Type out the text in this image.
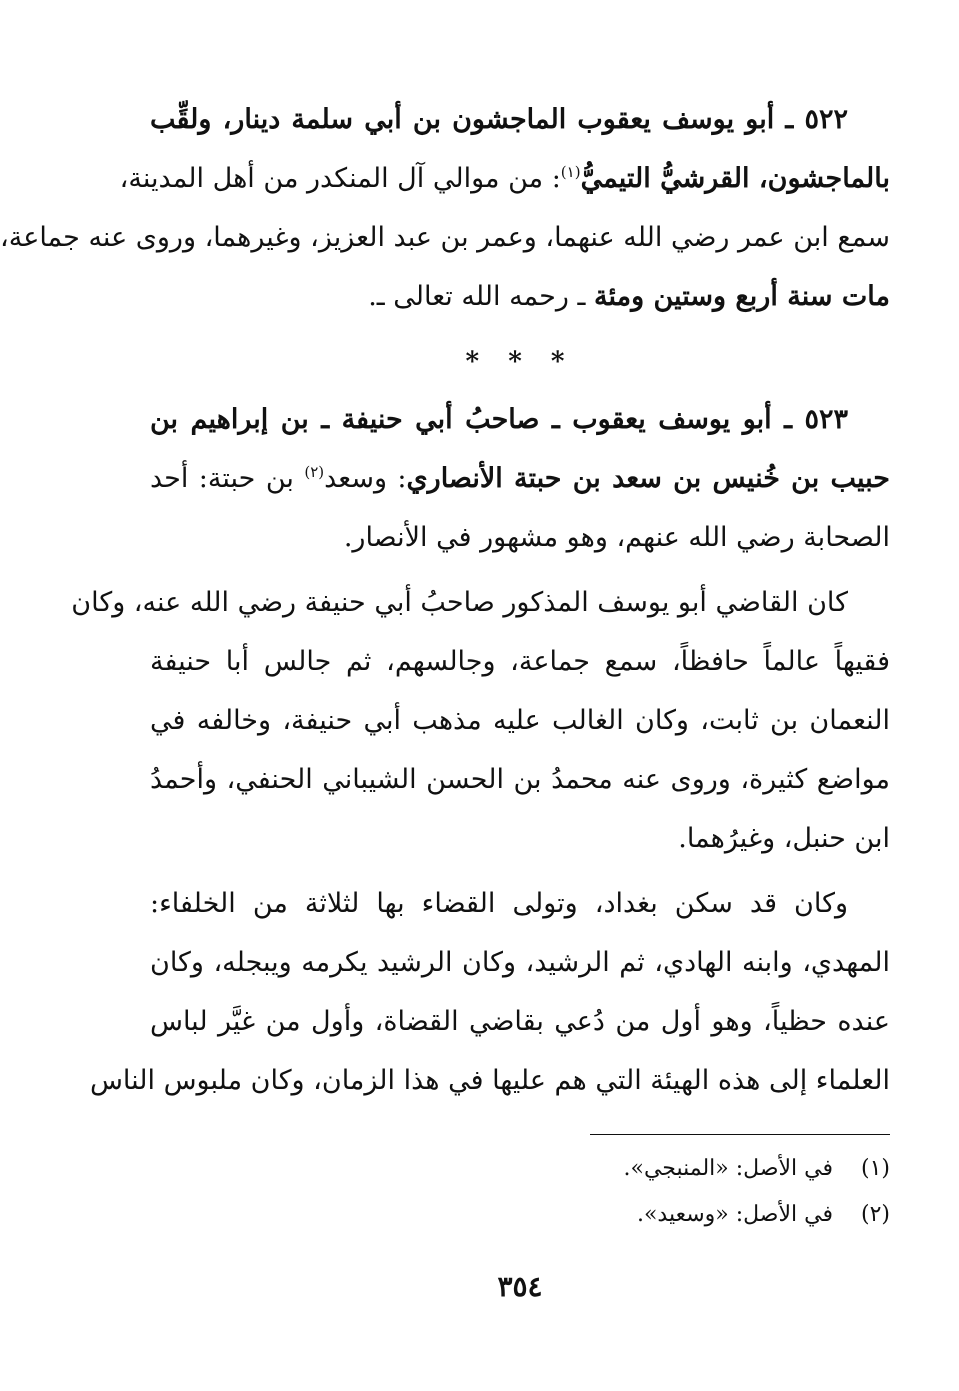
٥٢٢ ـ أبو يوسف يعقوب الماجشون بن أبي سلمة دينار، ولقِّب
بالماجشون، القرشيُّ التيميُّ$^{(١)}$: من موالي آل المنكدر من أهل المدينة،
سمع ابن عمر رضي الله عنهما، وعمر بن عبد العزيز، وغيرهما، وروى عنه جماعة،
مات سنة أربع وستين ومئة ـ رحمه الله تعالى ـ.
* * *
٥٢٣ ـ أبو يوسف يعقوب ـ صاحبُ أبي حنيفة ـ بن إبراهيم بن
حبيب بن خُنيس بن سعد بن حبتة الأنصاري: وسعد$^{(٢)}$ بن حبتة: أحد
الصحابة رضي الله عنهم، وهو مشهور في الأنصار.
كان القاضي أبو يوسف المذكور صاحبُ أبي حنيفة رضي الله عنه، وكان
فقيهاً عالماً حافظاً، سمع جماعة، وجالسهم، ثم جالس أبا حنيفة
النعمان بن ثابت، وكان الغالب عليه مذهب أبي حنيفة، وخالفه في
مواضع كثيرة، وروى عنه محمدُ بن الحسن الشيباني الحنفي، وأحمدُ
ابن حنبل، وغيرُهما.
وكان قد سكن بغداد، وتولى القضاء بها لثلاثة من الخلفاء:
المهدي، وابنه الهادي، ثم الرشيد، وكان الرشيد يكرمه ويبجله، وكان
عنده حظياً، وهو أول من دُعي بقاضي القضاة، وأول من غيَّر لباس
العلماء إلى هذه الهيئة التي هم عليها في هذا الزمان، وكان ملبوس الناس
(١) في الأصل: «المنبجي».
(٢) في الأصل: «وسعيد».
٣٥٤
